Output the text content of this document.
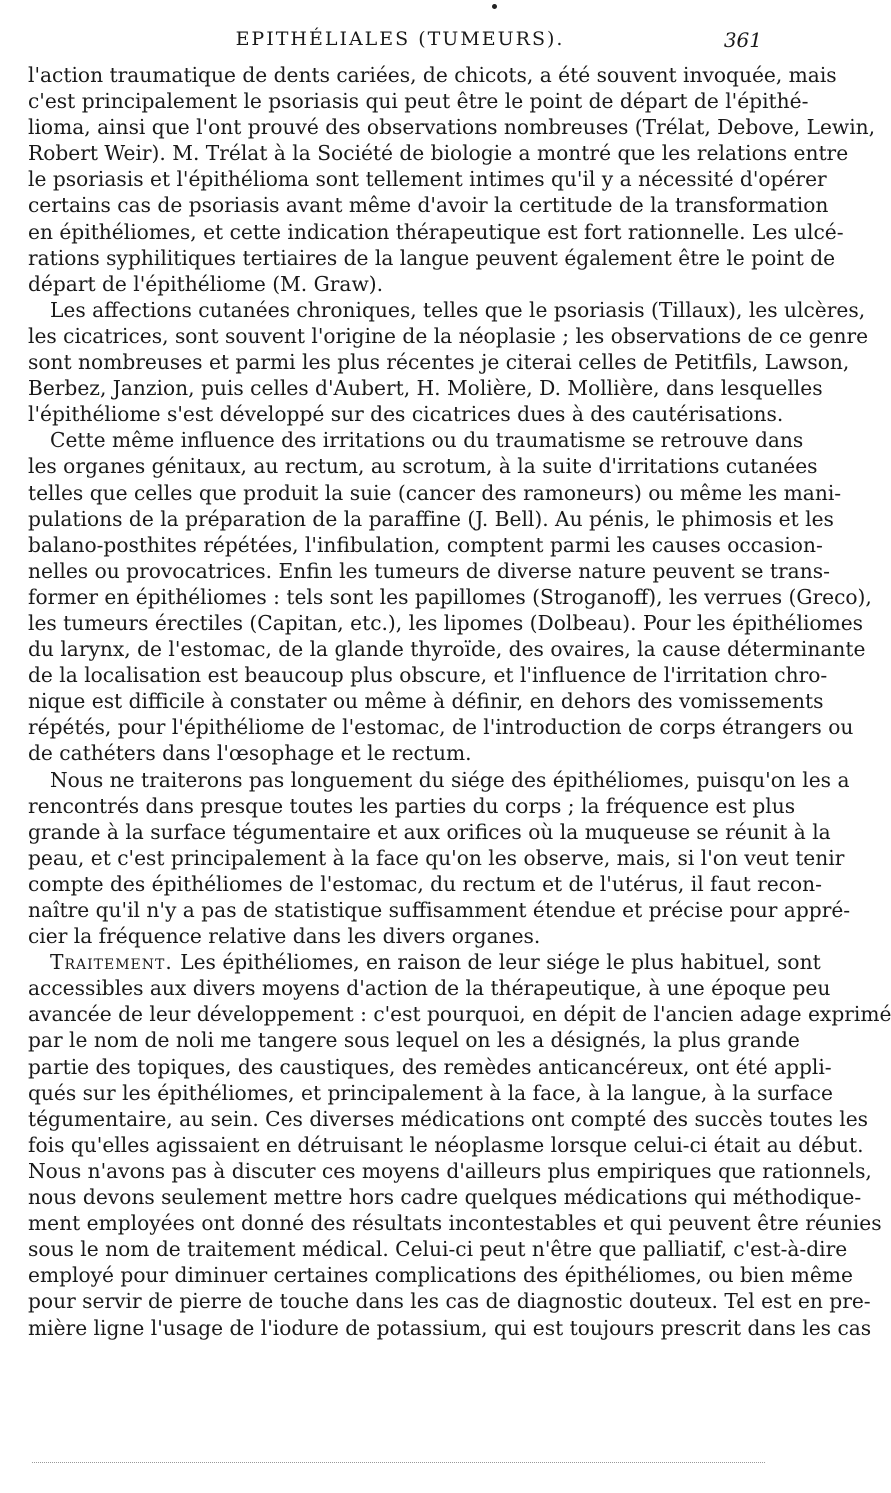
EPITHÉLIALES (TUMEURS).	361
l'action traumatique de dents cariées, de chicots, a été souvent invoquée, mais
c'est principalement le psoriasis qui peut être le point de départ de l'épithé-
lioma, ainsi que l'ont prouvé des observations nombreuses (Trélat, Debove, Lewin,
Robert Weir). M. Trélat à la Société de biologie a montré que les relations entre
le psoriasis et l'épithélioma sont tellement intimes qu'il y a nécessité d'opérer
certains cas de psoriasis avant même d'avoir la certitude de la transformation
en épithéliomes, et cette indication thérapeutique est fort rationnelle. Les ulcé-
rations syphilitiques tertiaires de la langue peuvent également être le point de
départ de l'épithéliome (M. Graw).
Les affections cutanées chroniques, telles que le psoriasis (Tillaux), les ulcères,
les cicatrices, sont souvent l'origine de la néoplasie ; les observations de ce genre
sont nombreuses et parmi les plus récentes je citerai celles de Petitfils, Lawson,
Berbez, Janzion, puis celles d'Aubert, H. Molière, D. Mollière, dans lesquelles
l'épithéliome s'est développé sur des cicatrices dues à des cautérisations.
Cette même influence des irritations ou du traumatisme se retrouve dans
les organes génitaux, au rectum, au scrotum, à la suite d'irritations cutanées
telles que celles que produit la suie (cancer des ramoneurs) ou même les mani-
pulations de la préparation de la paraffine (J. Bell). Au pénis, le phimosis et les
balano-posthites répétées, l'infibulation, comptent parmi les causes occasion-
nelles ou provocatrices. Enfin les tumeurs de diverse nature peuvent se trans-
former en épithéliomes : tels sont les papillomes (Stroganoff), les verrues (Greco),
les tumeurs érectiles (Capitan, etc.), les lipomes (Dolbeau). Pour les épithéliomes
du larynx, de l'estomac, de la glande thyroïde, des ovaires, la cause déterminante
de la localisation est beaucoup plus obscure, et l'influence de l'irritation chro-
nique est difficile à constater ou même à définir, en dehors des vomissements
répétés, pour l'épithéliome de l'estomac, de l'introduction de corps étrangers ou
de cathéters dans l'œsophage et le rectum.
Nous ne traiterons pas longuement du siége des épithéliomes, puisqu'on les a
rencontrés dans presque toutes les parties du corps ; la fréquence est plus
grande à la surface tégumentaire et aux orifices où la muqueuse se réunit à la
peau, et c'est principalement à la face qu'on les observe, mais, si l'on veut tenir
compte des épithéliomes de l'estomac, du rectum et de l'utérus, il faut recon-
naître qu'il n'y a pas de statistique suffisamment étendue et précise pour appré-
cier la fréquence relative dans les divers organes.
Traitement. Les épithéliomes, en raison de leur siége le plus habituel, sont
accessibles aux divers moyens d'action de la thérapeutique, à une époque peu
avancée de leur développement : c'est pourquoi, en dépit de l'ancien adage exprimé
par le nom de noli me tangere sous lequel on les a désignés, la plus grande
partie des topiques, des caustiques, des remèdes anticancéreux, ont été appli-
qués sur les épithéliomes, et principalement à la face, à la langue, à la surface
tégumentaire, au sein. Ces diverses médications ont compté des succès toutes les
fois qu'elles agissaient en détruisant le néoplasme lorsque celui-ci était au début.
Nous n'avons pas à discuter ces moyens d'ailleurs plus empiriques que rationnels,
nous devons seulement mettre hors cadre quelques médications qui méthodique-
ment employées ont donné des résultats incontestables et qui peuvent être réunies
sous le nom de traitement médical. Celui-ci peut n'être que palliatif, c'est-à-dire
employé pour diminuer certaines complications des épithéliomes, ou bien même
pour servir de pierre de touche dans les cas de diagnostic douteux. Tel est en pre-
mière ligne l'usage de l'iodure de potassium, qui est toujours prescrit dans les cas
